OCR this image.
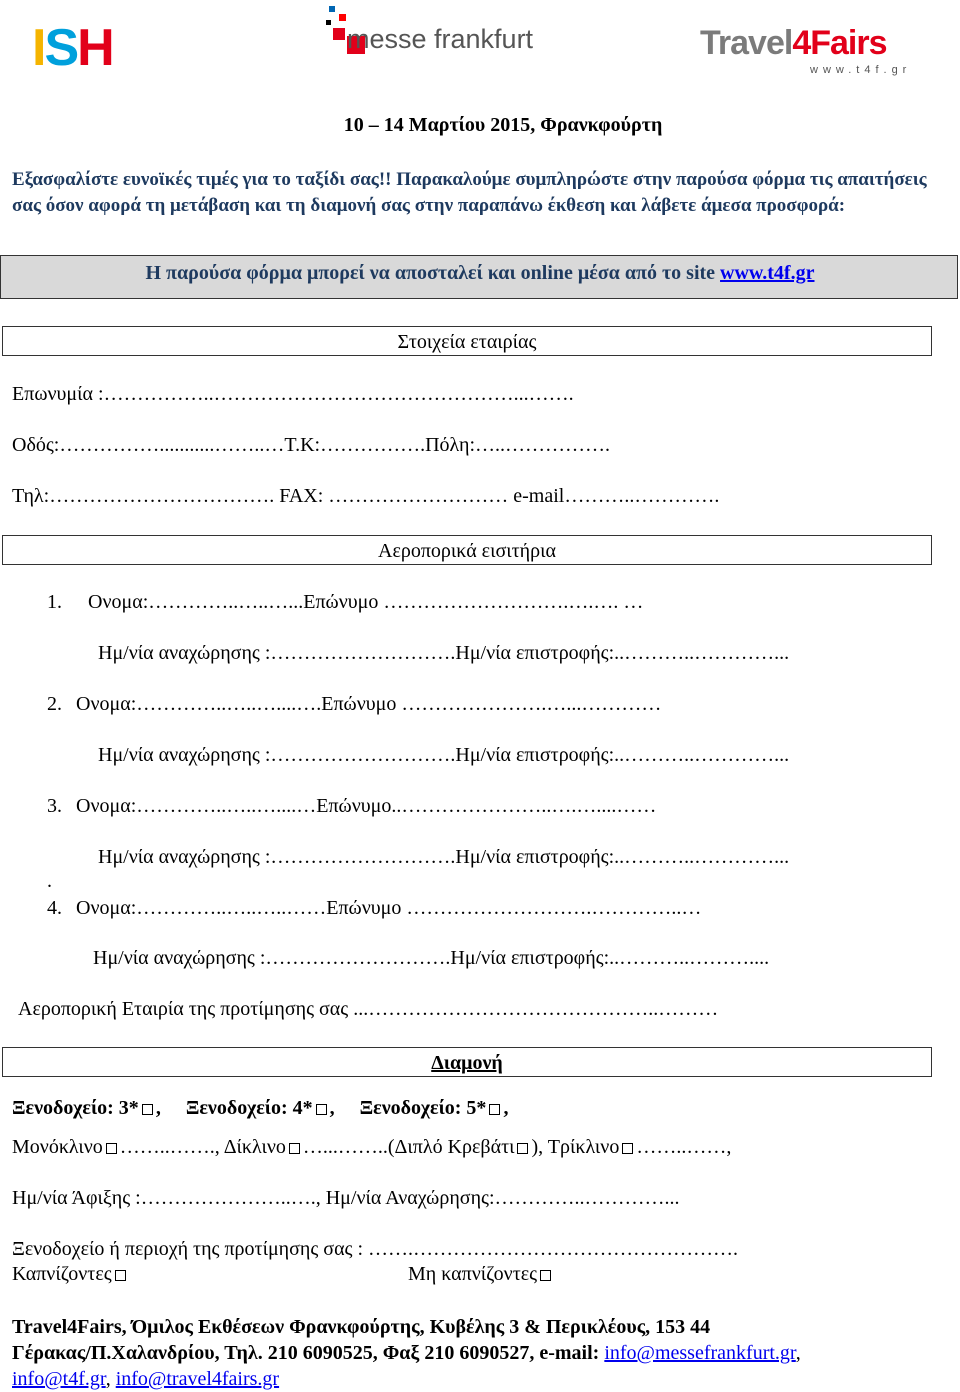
ISH	messe frankfurt	Travel4Fairs
www.t4f.gr
10 – 14 Μαρτίου 2015, Φρανκφούρτη
Εξασφαλίστε ευνοϊκές τιμές για το ταξίδι σας!! Παρακαλούμε συμπληρώστε στην παρούσα φόρμα τις απαιτήσεις σας όσον αφορά τη μετάβαση και τη διαμονή σας στην παραπάνω έκθεση και λάβετε άμεσα προσφορά:
Η παρούσα φόρμα μπορεί να αποσταλεί και online μέσα από το site www.t4f.gr
Στοιχεία εταιρίας
Επωνυμία :……………..………………………………………...…….
Οδός:……………...........……..…Τ.Κ:…………….Πόλη:…..…………….
Τηλ:……………………………. FAX: ……………………… e-mail………..………….
Αεροπορικά εισιτήρια
1. Ονομα:…………..…..…...Επώνυμο ……………………….….…. …
Ημ/νία αναχώρησης :……………………….Ημ/νία επιστροφής:..………..…………...
2. Ονομα:…………..…..…....….Επώνυμο ………………….…...…………
Ημ/νία αναχώρησης :……………………….Ημ/νία επιστροφής:..………..…………...
3. Ονομα:…………..…..…....…Επώνυμο..…………………..….…....……
Ημ/νία αναχώρησης :……………………….Ημ/νία επιστροφής:..………..…………...
.
4. Ονομα:…………..…..…..……Επώνυμο ……………………….…………..…
Ημ/νία αναχώρησης :……………………….Ημ/νία επιστροφής:..………..………....
Αεροπορική Εταιρία της προτίμησης σας ...……………………………………..………
Διαμονή
Ξενοδοχείο: 3* ,     Ξενοδοχείο: 4* ,     Ξενοδοχείο: 5* ,
Μονόκλινο ……..……., Δίκλινο …...……..(Διπλό Κρεβάτι ), Τρίκλινο ……..……,
Ημ/νία Άφιξης :…………………..…., Ημ/νία Αναχώρησης:…………..…………...
Ξενοδοχείο ή περιοχή της προτίμησης σας : …….………………………………………….
Καπνίζοντες	Μη καπνίζοντες
Travel4Fairs, Όμιλος Εκθέσεων Φρανκφούρτης, Κυβέλης 3 & Περικλέους, 153 44
Γέρακας/Π.Χαλανδρίου, Τηλ. 210 6090525, Φαξ 210 6090527, e-mail: info@messefrankfurt.gr,
info@t4f.gr, info@travel4fairs.gr
